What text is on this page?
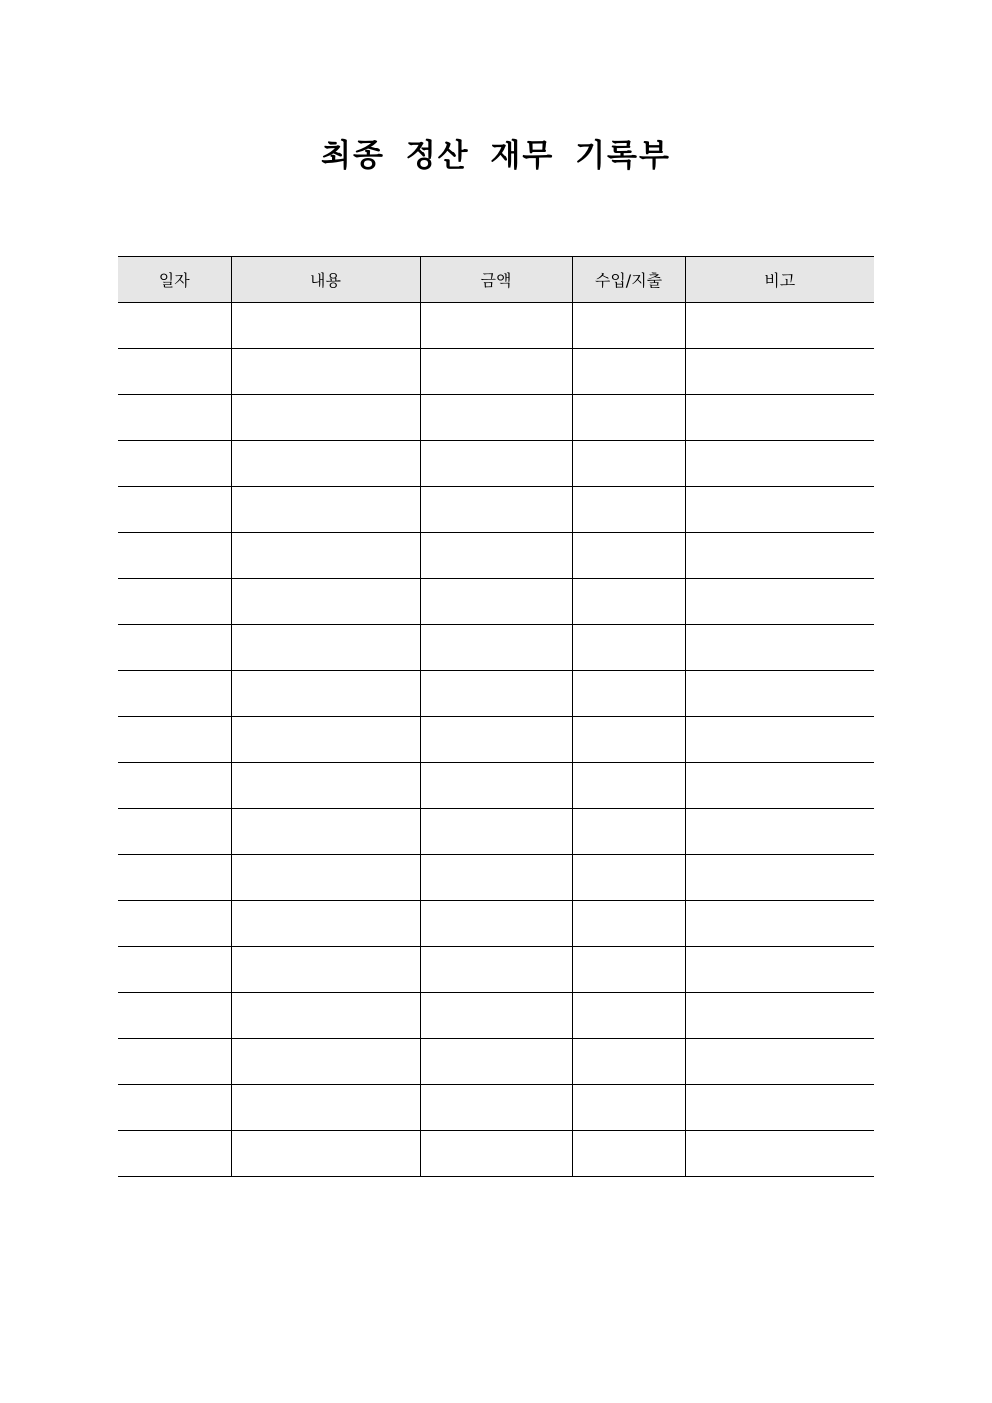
최종 정산 재무 기록부
일자	내용	금액	수입/지출	비고
